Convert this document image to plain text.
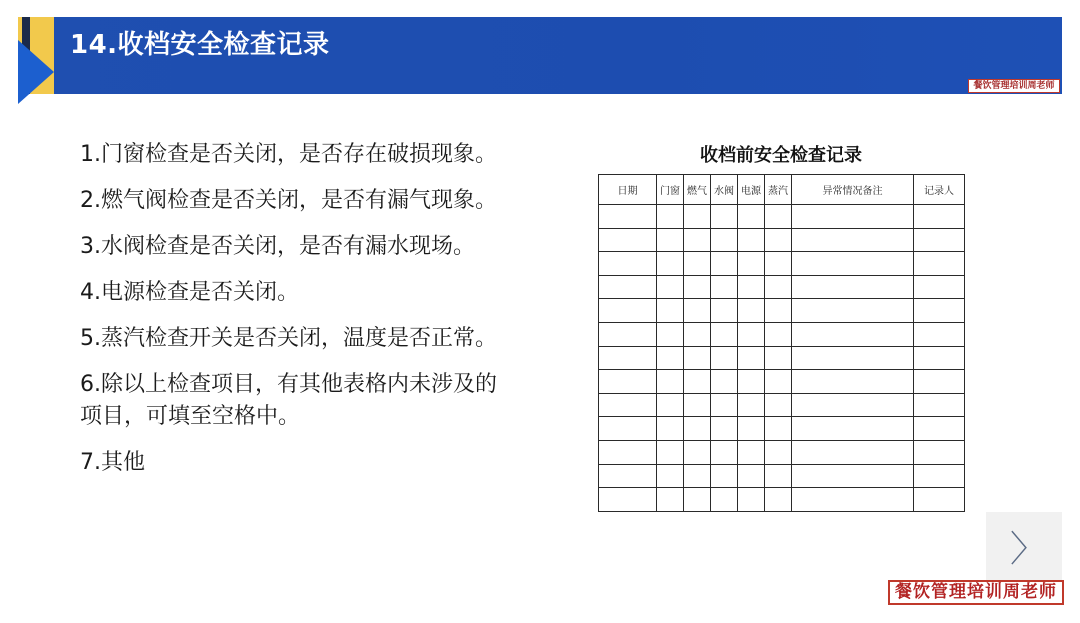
14.收档安全检查记录
餐饮管理培训周老师
1.门窗检查是否关闭，是否存在破损现象。
2.燃气阀检查是否关闭，是否有漏气现象。
3.水阀检查是否关闭，是否有漏水现场。
4.电源检查是否关闭。
5.蒸汽检查开关是否关闭，温度是否正常。
6.除以上检查项目，有其他表格内未涉及的
项目，可填至空格中。
7.其他
收档前安全检查记录
日期	门窗	燃气	水阀	电源	蒸汽	异常情况备注	记录人

〉
餐饮管理培训周老师
